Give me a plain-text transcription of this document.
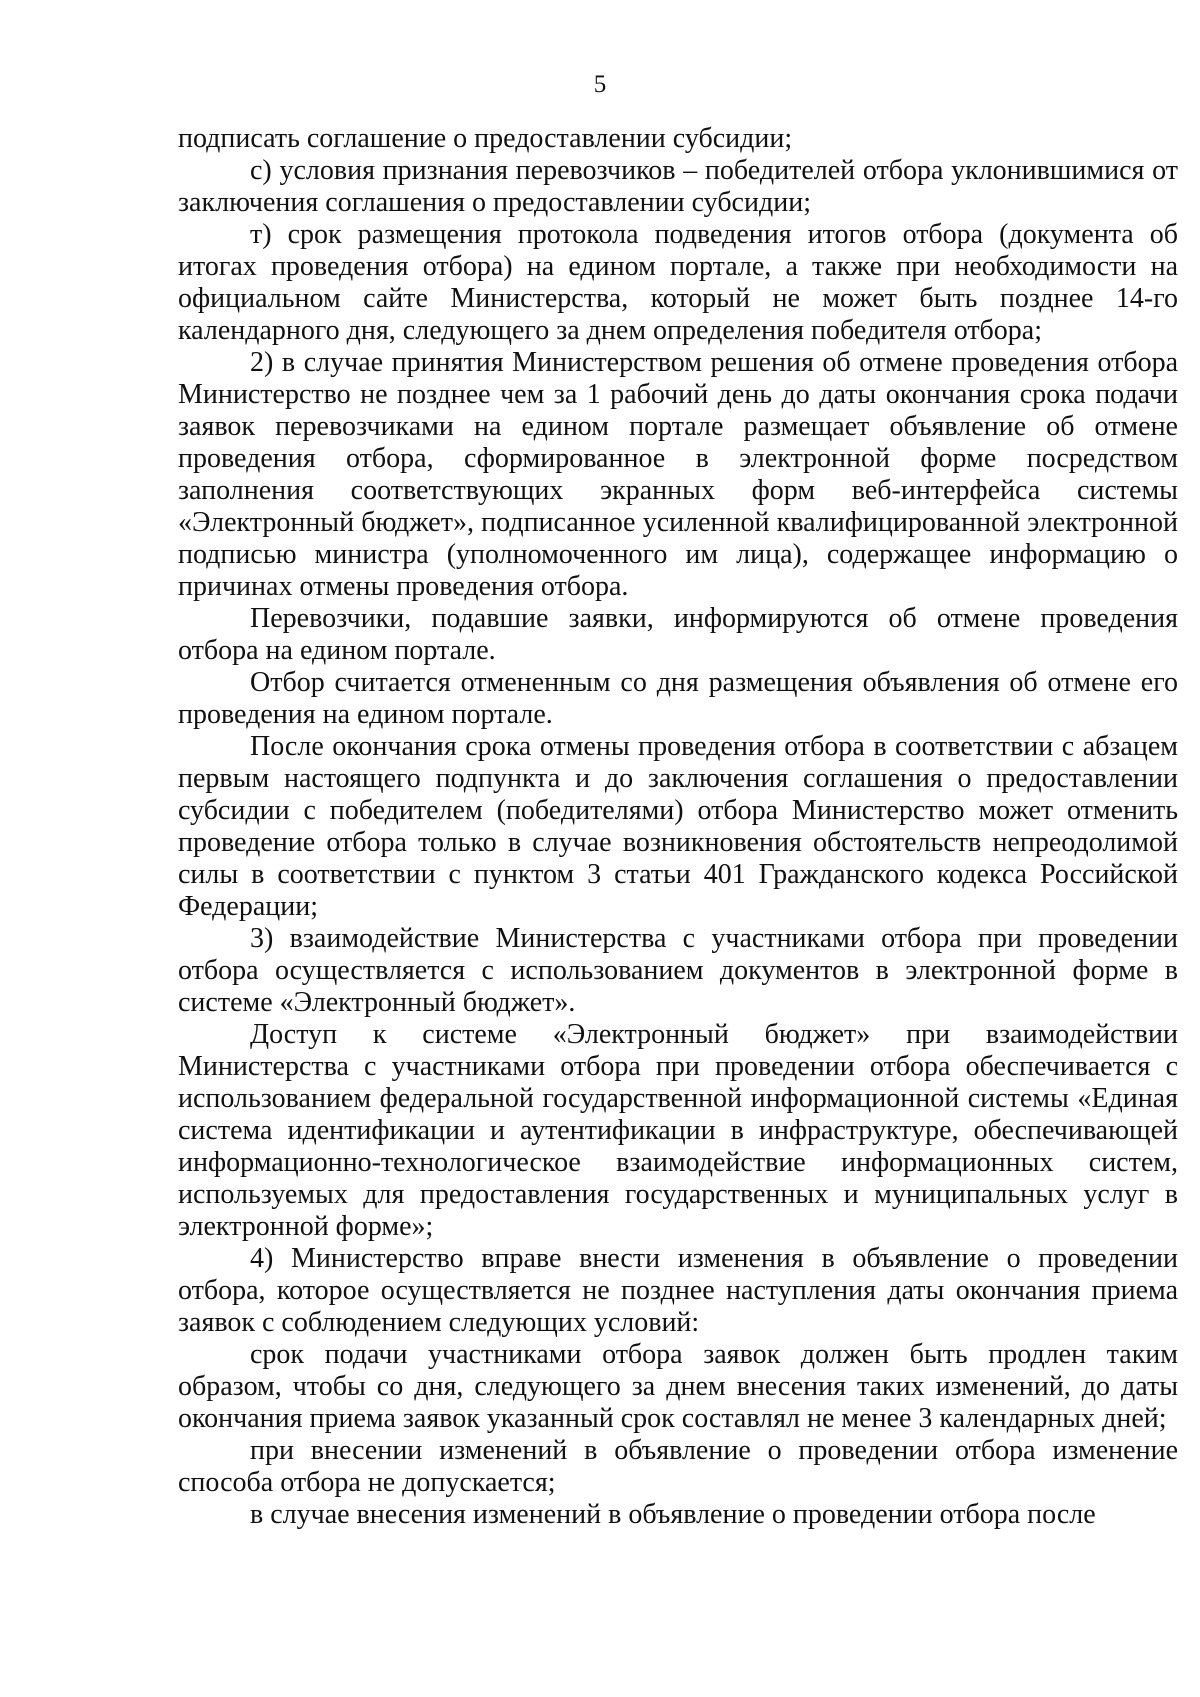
5

подписать соглашение о предоставлении субсидии;

с) условия признания перевозчиков – победителей отбора уклонившимися от заключения соглашения о предоставлении субсидии;

т) срок размещения протокола подведения итогов отбора (документа об итогах проведения отбора) на едином портале, а также при необходимости на официальном сайте Министерства, который не может быть позднее 14-го календарного дня, следующего за днем определения победителя отбора;

2) в случае принятия Министерством решения об отмене проведения отбора Министерство не позднее чем за 1 рабочий день до даты окончания срока подачи заявок перевозчиками на едином портале размещает объявление об отмене проведения отбора, сформированное в электронной форме посредством заполнения соответствующих экранных форм веб-интерфейса системы «Электронный бюджет», подписанное усиленной квалифицированной электронной подписью министра (уполномоченного им лица), содержащее информацию о причинах отмены проведения отбора.

Перевозчики, подавшие заявки, информируются об отмене проведения отбора на едином портале.

Отбор считается отмененным со дня размещения объявления об отмене его проведения на едином портале.

После окончания срока отмены проведения отбора в соответствии с абзацем первым настоящего подпункта и до заключения соглашения о предоставлении субсидии с победителем (победителями) отбора Министерство может отменить проведение отбора только в случае возникновения обстоятельств непреодолимой силы в соответствии с пунктом 3 статьи 401 Гражданского кодекса Российской Федерации;

3) взаимодействие Министерства с участниками отбора при проведении отбора осуществляется с использованием документов в электронной форме в системе «Электронный бюджет».

Доступ к системе «Электронный бюджет» при взаимодействии Министерства с участниками отбора при проведении отбора обеспечивается с использованием федеральной государственной информационной системы «Единая система идентификации и аутентификации в инфраструктуре, обеспечивающей информационно-технологическое взаимодействие информационных систем, используемых для предоставления государственных и муниципальных услуг в электронной форме»;

4) Министерство вправе внести изменения в объявление о проведении отбора, которое осуществляется не позднее наступления даты окончания приема заявок с соблюдением следующих условий:

срок подачи участниками отбора заявок должен быть продлен таким образом, чтобы со дня, следующего за днем внесения таких изменений, до даты окончания приема заявок указанный срок составлял не менее 3 календарных дней;

при внесении изменений в объявление о проведении отбора изменение способа отбора не допускается;

в случае внесения изменений в объявление о проведении отбора после
